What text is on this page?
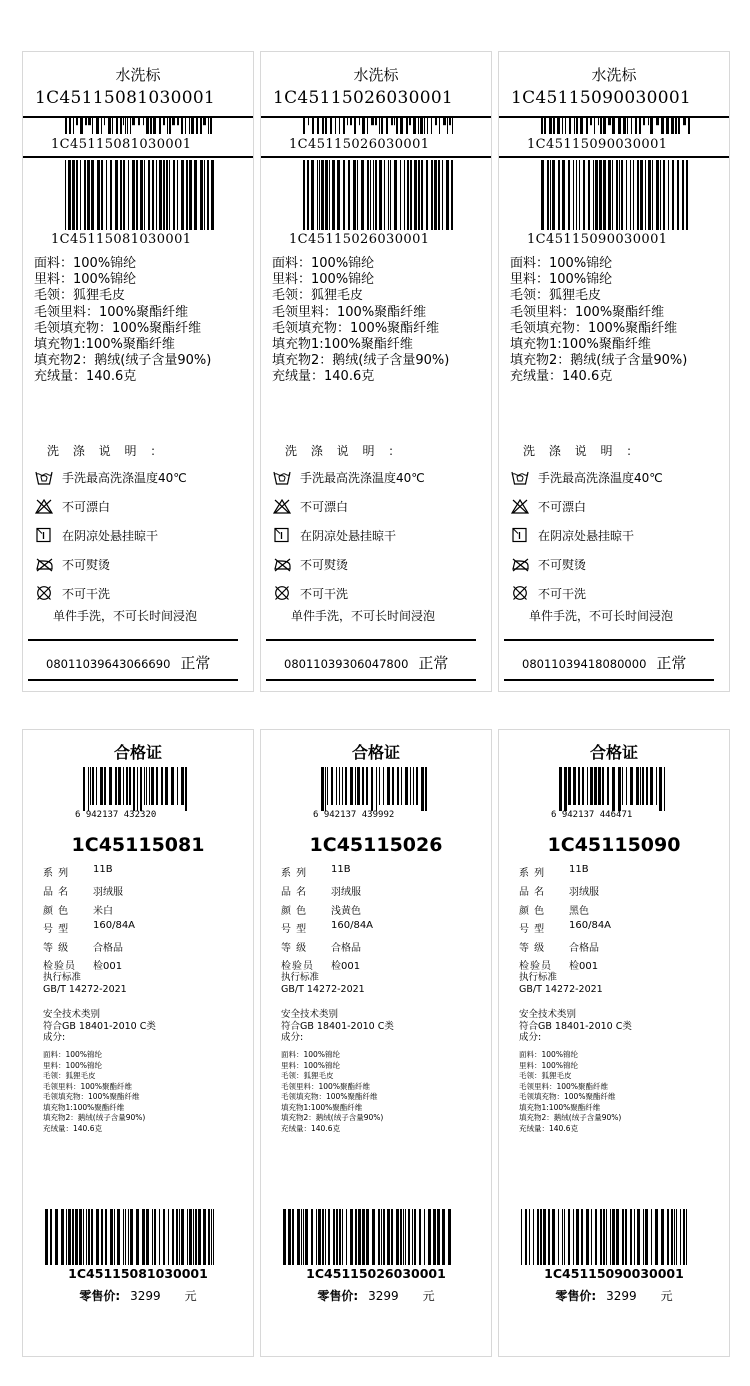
水洗标
1C45115081030001
1C45115081030001
1C45115081030001
面料：100%锦纶
里料：100%锦纶
毛领：狐狸毛皮
毛领里料：100%聚酯纤维
毛领填充物：100%聚酯纤维
填充物1:100%聚酯纤维
填充物2：鹅绒(绒子含量90%)
充绒量：140.6克
洗 涤 说 明 ：
手洗最高洗涤温度40℃
不可漂白
在阴凉处悬挂晾干
不可熨烫
不可干洗
单件手洗，不可长时间浸泡
08011039643066690 正常
水洗标
1C45115026030001
1C45115026030001
1C45115026030001
面料：100%锦纶
里料：100%锦纶
毛领：狐狸毛皮
毛领里料：100%聚酯纤维
毛领填充物：100%聚酯纤维
填充物1:100%聚酯纤维
填充物2：鹅绒(绒子含量90%)
充绒量：140.6克
洗 涤 说 明 ：
手洗最高洗涤温度40℃
不可漂白
在阴凉处悬挂晾干
不可熨烫
不可干洗
单件手洗，不可长时间浸泡
08011039306047800 正常
水洗标
1C45115090030001
1C45115090030001
1C45115090030001
面料：100%锦纶
里料：100%锦纶
毛领：狐狸毛皮
毛领里料：100%聚酯纤维
毛领填充物：100%聚酯纤维
填充物1:100%聚酯纤维
填充物2：鹅绒(绒子含量90%)
充绒量：140.6克
洗 涤 说 明 ：
手洗最高洗涤温度40℃
不可漂白
在阴凉处悬挂晾干
不可熨烫
不可干洗
单件手洗，不可长时间浸泡
08011039418080000 正常
合格证
6 942137 432320
1C45115081
系 列	11B
品 名	羽绒服
颜 色	米白
号 型	160/84A
等 级	合格品
检验员	检001
执行标准
GB/T 14272-2021
安全技术类别
符合GB 18401-2010 C类
成分:
面料：100%锦纶
里料：100%锦纶
毛领：狐狸毛皮
毛领里料：100%聚酯纤维
毛领填充物：100%聚酯纤维
填充物1:100%聚酯纤维
填充物2：鹅绒(绒子含量90%)
充绒量：140.6克
1C45115081030001
零售价: 3299 元
合格证
6 942137 439992
1C45115026
系 列	11B
品 名	羽绒服
颜 色	浅黄色
号 型	160/84A
等 级	合格品
检验员	检001
执行标准
GB/T 14272-2021
安全技术类别
符合GB 18401-2010 C类
成分:
面料：100%锦纶
里料：100%锦纶
毛领：狐狸毛皮
毛领里料：100%聚酯纤维
毛领填充物：100%聚酯纤维
填充物1:100%聚酯纤维
填充物2：鹅绒(绒子含量90%)
充绒量：140.6克
1C45115026030001
零售价: 3299 元
合格证
6 942137 446471
1C45115090
系 列	11B
品 名	羽绒服
颜 色	黑色
号 型	160/84A
等 级	合格品
检验员	检001
执行标准
GB/T 14272-2021
安全技术类别
符合GB 18401-2010 C类
成分:
面料：100%锦纶
里料：100%锦纶
毛领：狐狸毛皮
毛领里料：100%聚酯纤维
毛领填充物：100%聚酯纤维
填充物1:100%聚酯纤维
填充物2：鹅绒(绒子含量90%)
充绒量：140.6克
1C45115090030001
零售价: 3299 元
